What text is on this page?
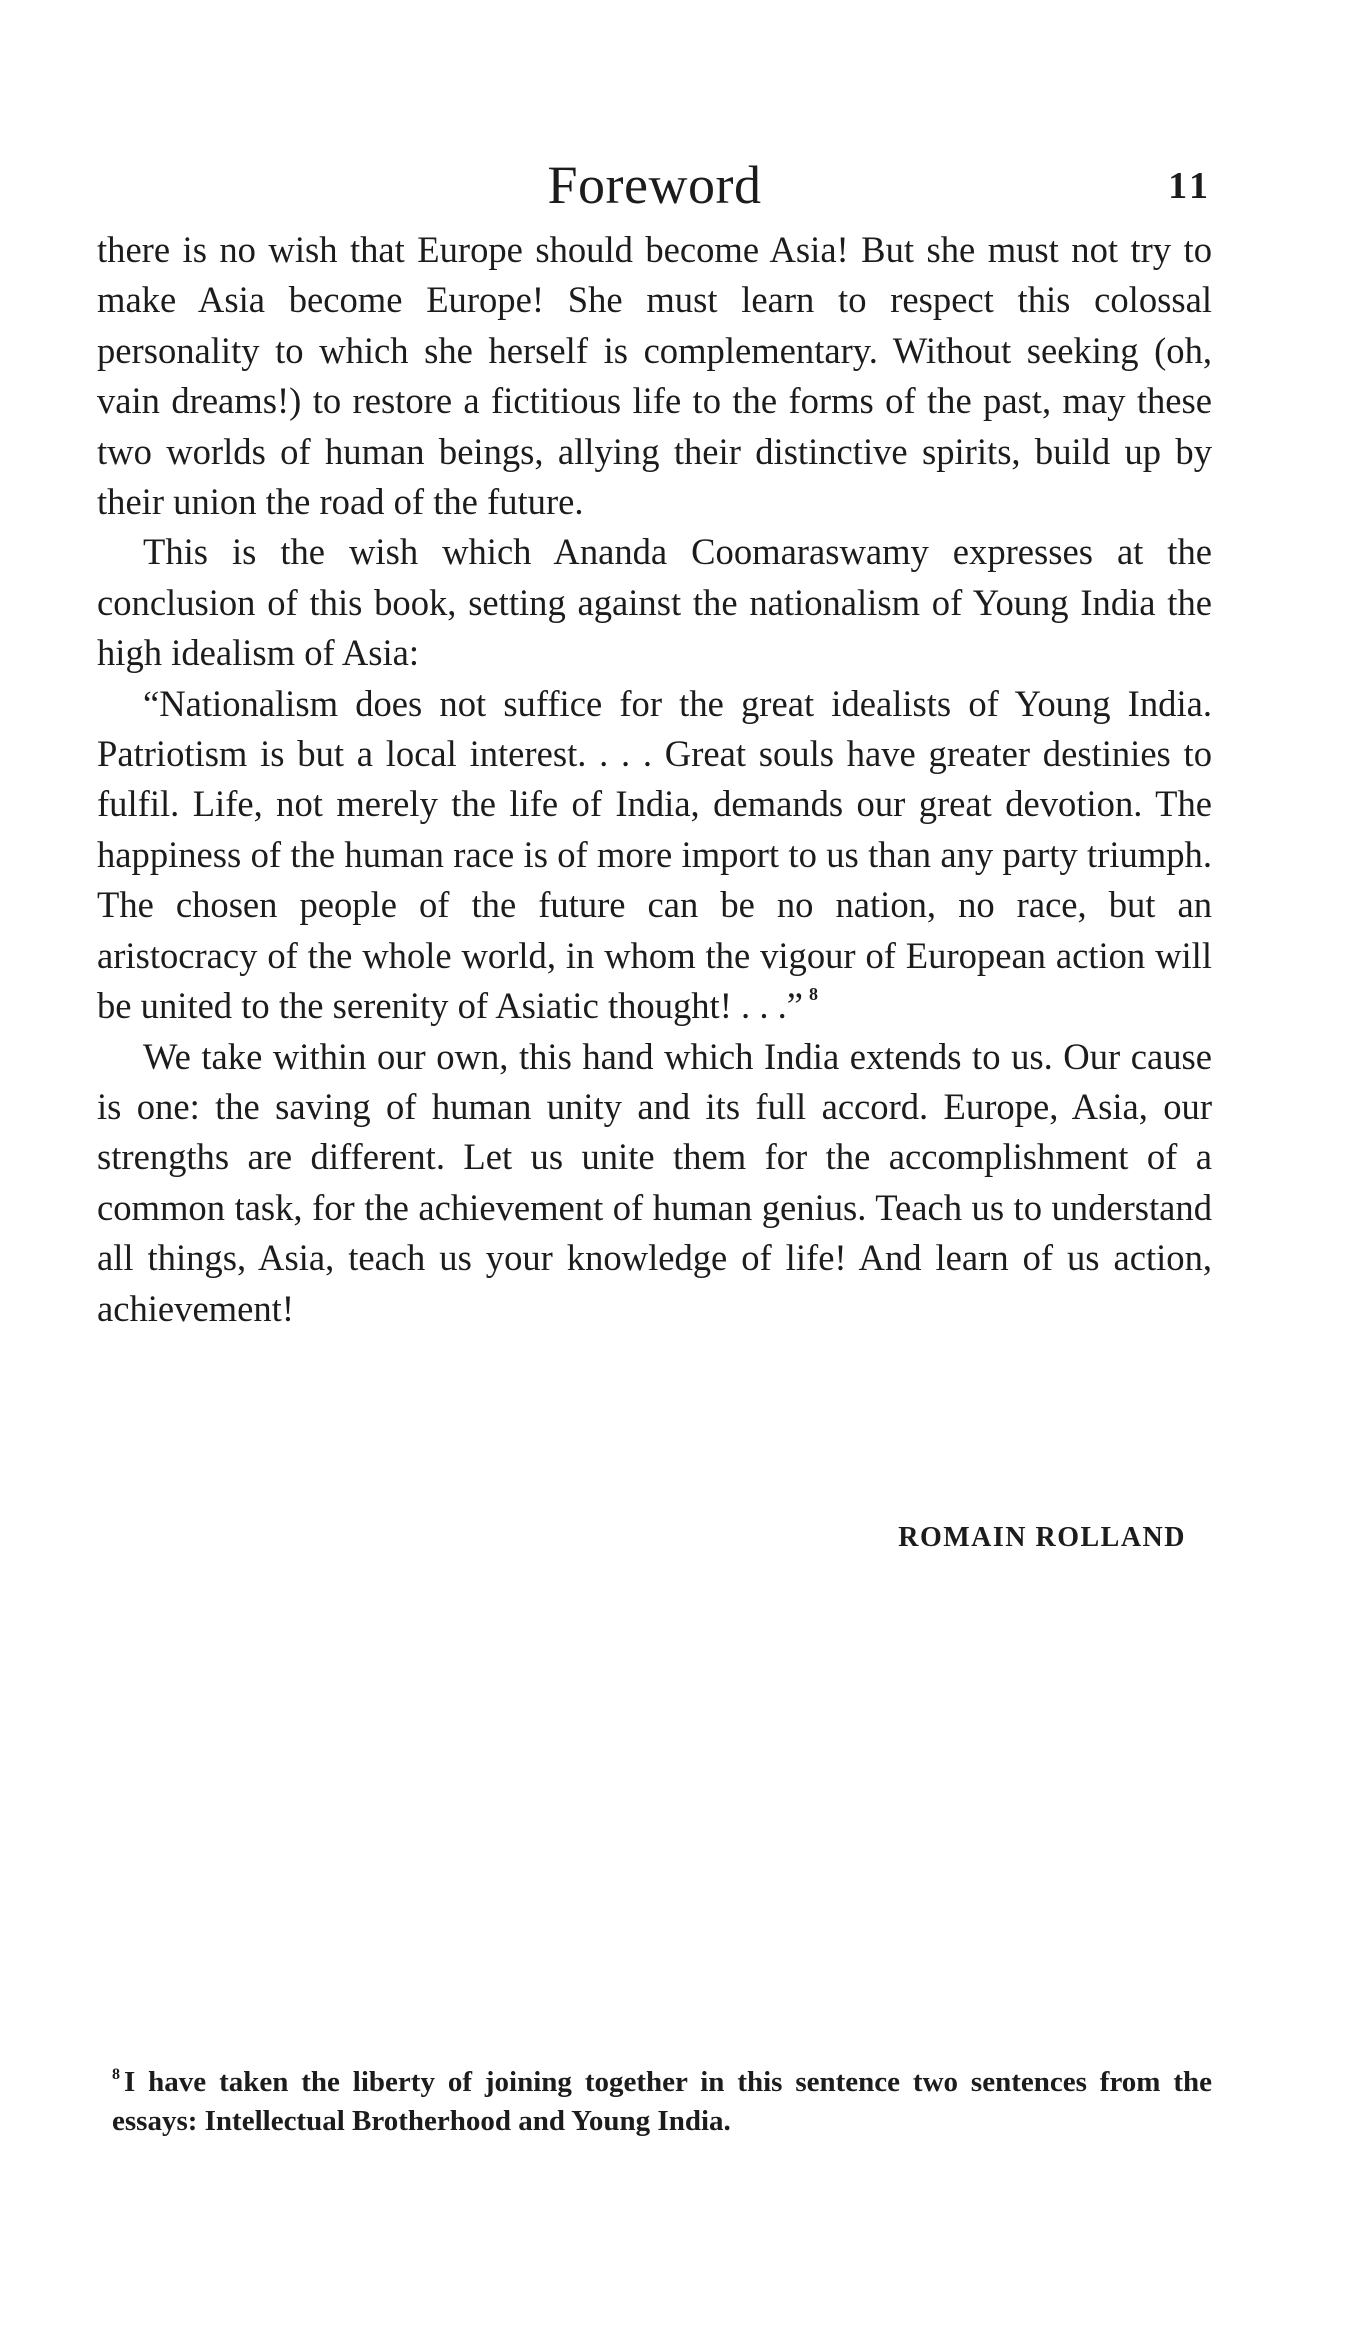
Foreword	11

there is no wish that Europe should become Asia! But she must not try to make Asia become Europe! She must learn to respect this colossal personality to which she herself is complementary. Without seeking (oh, vain dreams!) to restore a fictitious life to the forms of the past, may these two worlds of human beings, allying their distinctive spirits, build up by their union the road of the future.

This is the wish which Ananda Coomaraswamy expresses at the conclusion of this book, setting against the nationalism of Young India the high idealism of Asia:

“Nationalism does not suffice for the great idealists of Young India. Patriotism is but a local interest. . . . Great souls have greater destinies to fulfil. Life, not merely the life of India, demands our great devotion. The happiness of the human race is of more import to us than any party triumph. The chosen people of the future can be no nation, no race, but an aristocracy of the whole world, in whom the vigour of European action will be united to the serenity of Asiatic thought! . . .” $^8$

We take within our own, this hand which India extends to us. Our cause is one: the saving of human unity and its full accord. Europe, Asia, our strengths are different. Let us unite them for the accomplishment of a common task, for the achievement of human genius. Teach us to understand all things, Asia, teach us your knowledge of life! And learn of us action, achievement!

ROMAIN ROLLAND
$^8$ I have taken the liberty of joining together in this sentence two sentences from the essays: Intellectual Brotherhood and Young India.
